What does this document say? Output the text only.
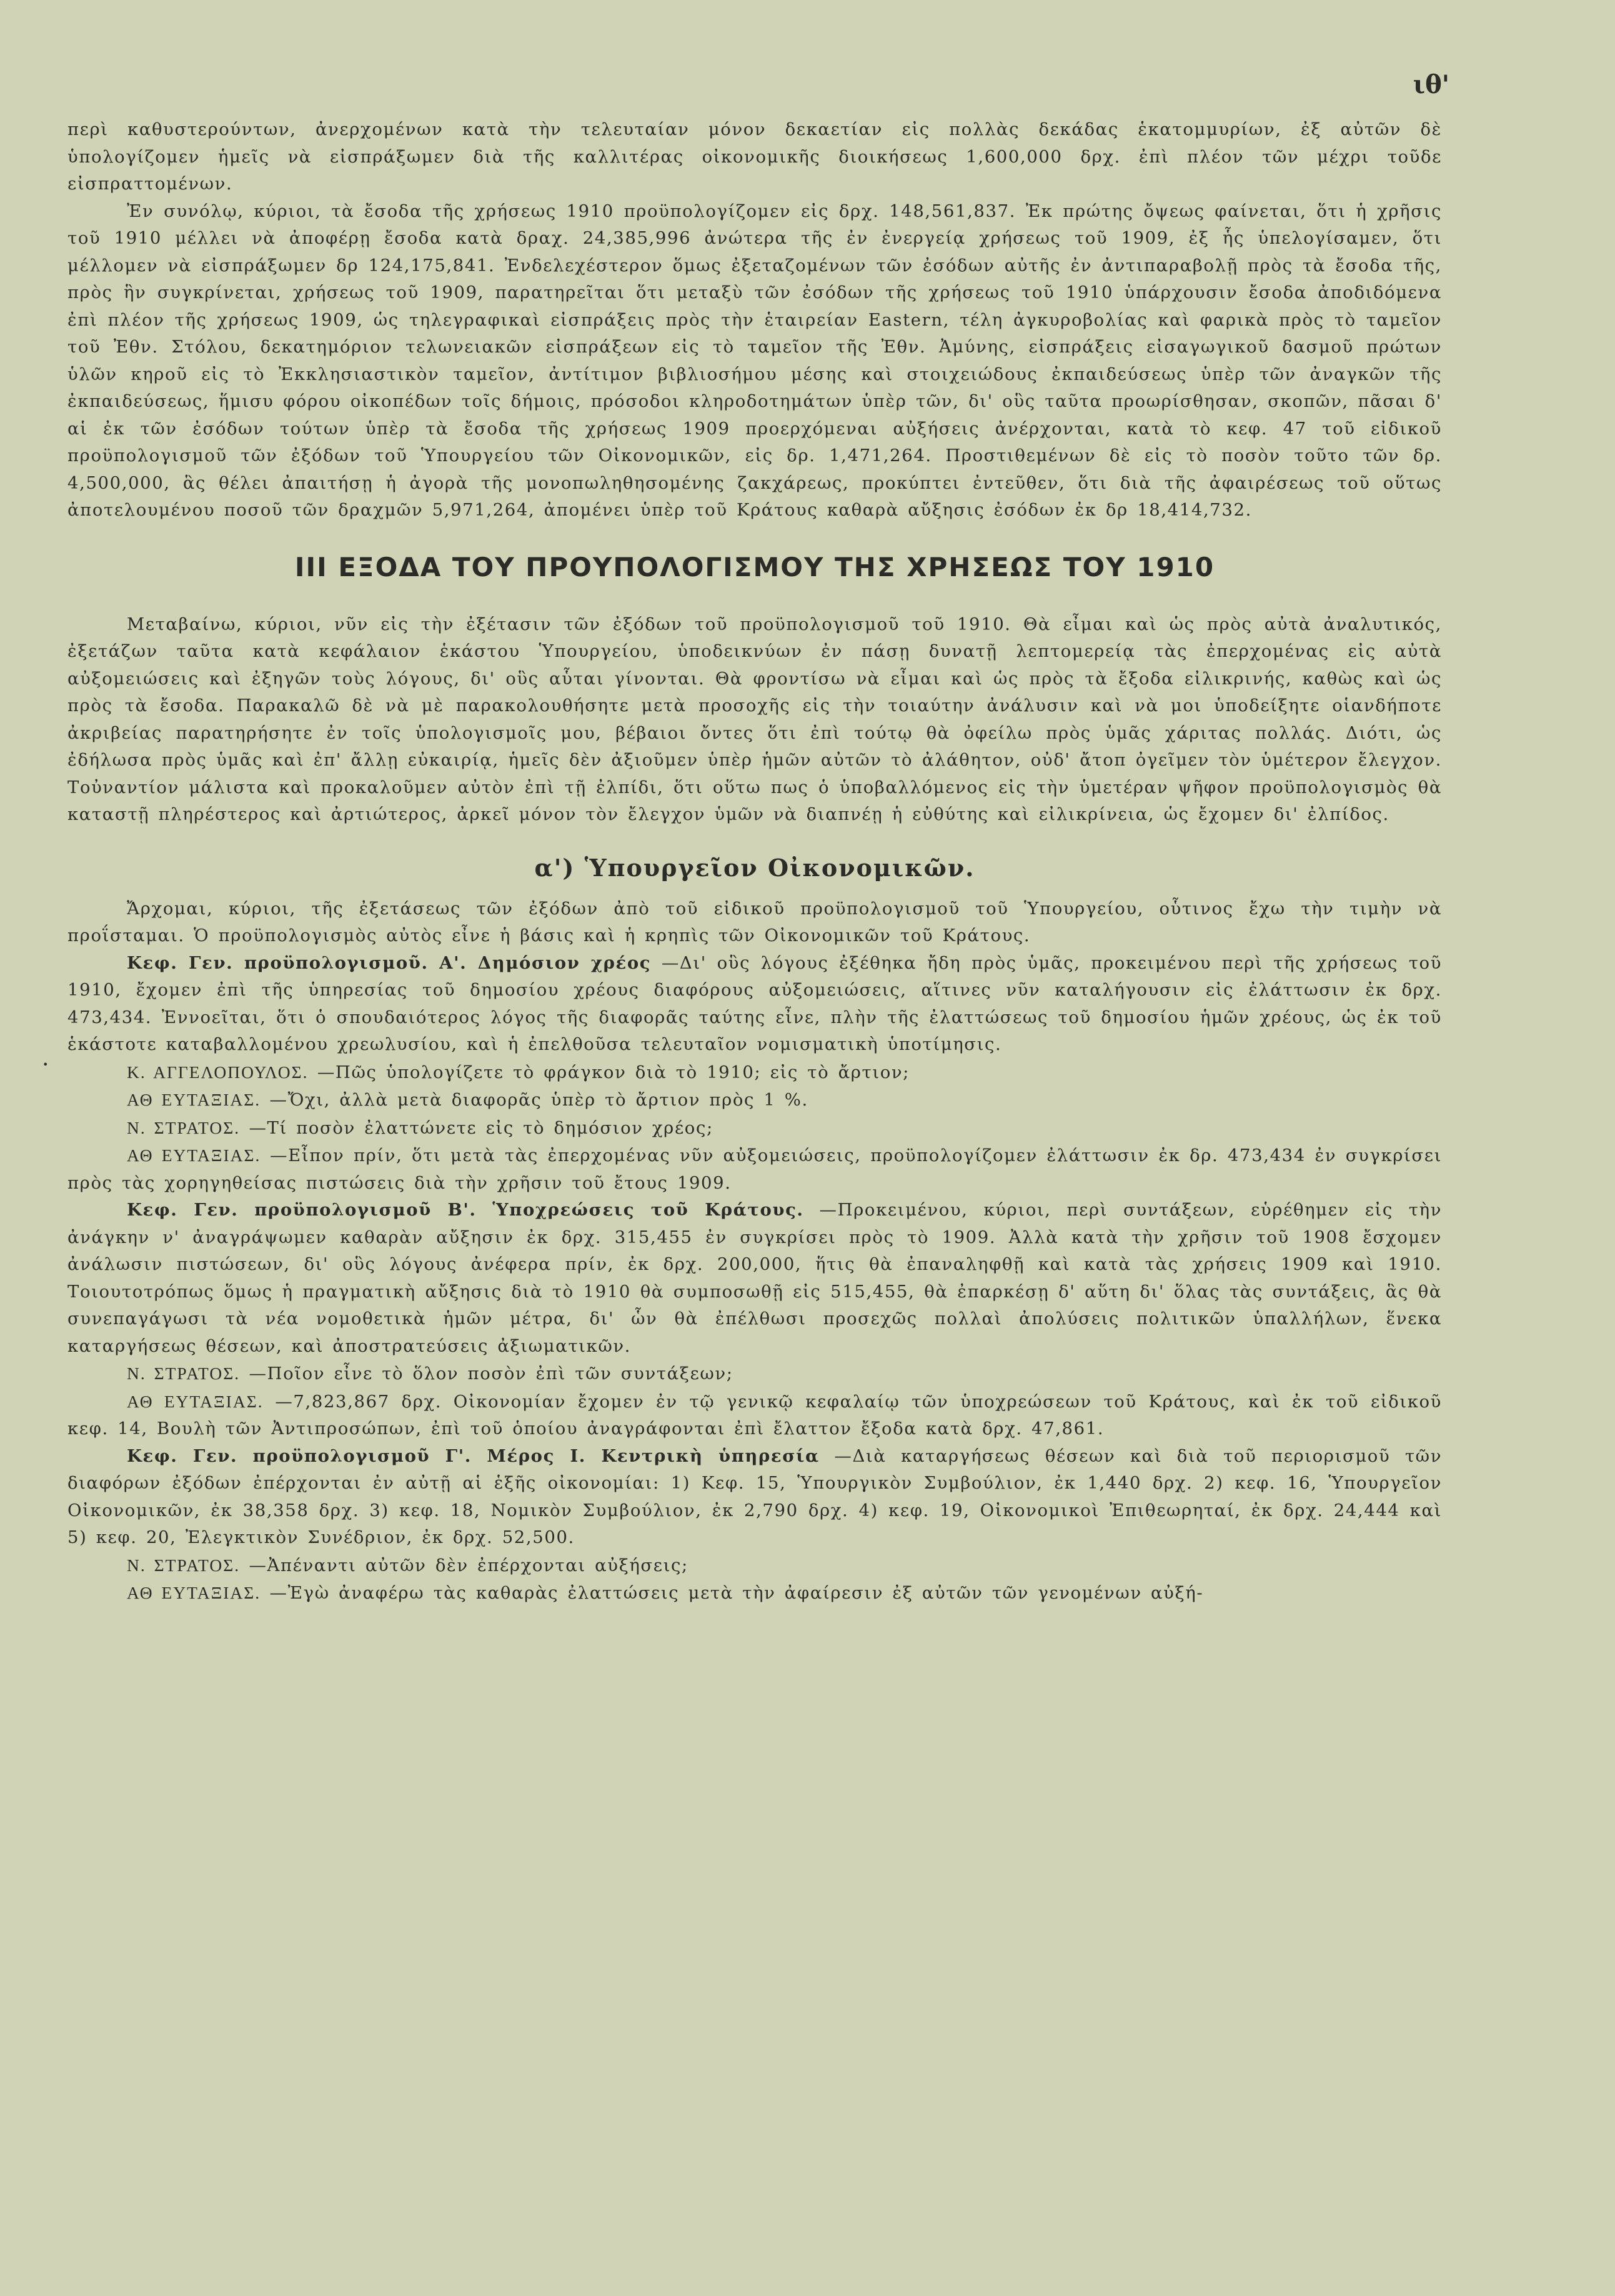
ιθ'

περὶ καθυστερούντων, ἀνερχομένων κατὰ τὴν τελευταίαν μόνον δεκαετίαν εἰς πολλὰς δεκάδας ἑκατομμυρίων, ἐξ αὐτῶν δὲ ὑπολογίζομεν ἡμεῖς νὰ εἰσπράξωμεν διὰ τῆς καλλιτέρας οἰκονομικῆς διοικήσεως 1,600,000 δρχ. ἐπὶ πλέον τῶν μέχρι τοῦδε εἰσπραττομένων.

Ἐν συνόλῳ, κύριοι, τὰ ἔσοδα τῆς χρήσεως 1910 προϋπολογίζομεν εἰς δρχ. 148,561,837. Ἐκ πρώτης ὄψεως φαίνεται, ὅτι ἡ χρῆσις τοῦ 1910 μέλλει νὰ ἀποφέρῃ ἔσοδα κατὰ δραχ. 24,385,996 ἀνώτερα τῆς ἐν ἐνεργείᾳ χρήσεως τοῦ 1909, ἐξ ἧς ὑπελογίσαμεν, ὅτι μέλλομεν νὰ εἰσπράξωμεν δρ 124,175,841. Ἐνδελεχέστερον ὅμως ἐξεταζομένων τῶν ἐσόδων αὐτῆς ἐν ἀντιπαραβολῇ πρὸς τὰ ἔσοδα τῆς, πρὸς ἣν συγκρίνεται, χρήσεως τοῦ 1909, παρατηρεῖται ὅτι μεταξὺ τῶν ἐσόδων τῆς χρήσεως τοῦ 1910 ὑπάρχουσιν ἔσοδα ἀποδιδόμενα ἐπὶ πλέον τῆς χρήσεως 1909, ὡς τηλεγραφικαὶ εἰσπράξεις πρὸς τὴν ἑταιρείαν Eastern, τέλη ἀγκυροβολίας καὶ φαρικὰ πρὸς τὸ ταμεῖον τοῦ Ἐθν. Στόλου, δεκατημόριον τελωνειακῶν εἰσπράξεων εἰς τὸ ταμεῖον τῆς Ἐθν. Ἀμύνης, εἰσπράξεις εἰσαγωγικοῦ δασμοῦ πρώτων ὑλῶν κηροῦ εἰς τὸ Ἐκκλησιαστικὸν ταμεῖον, ἀντίτιμον βιβλιοσήμου μέσης καὶ στοιχειώδους ἐκπαιδεύσεως ὑπὲρ τῶν ἀναγκῶν τῆς ἐκπαιδεύσεως, ἥμισυ φόρου οἰκοπέδων τοῖς δήμοις, πρόσοδοι κληροδοτημάτων ὑπὲρ τῶν, δι' οὓς ταῦτα προωρίσθησαν, σκοπῶν, πᾶσαι δ' αἱ ἐκ τῶν ἐσόδων τούτων ὑπὲρ τὰ ἔσοδα τῆς χρήσεως 1909 προερχόμεναι αὐξήσεις ἀνέρχονται, κατὰ τὸ κεφ. 47 τοῦ εἰδικοῦ προϋπολογισμοῦ τῶν ἐξόδων τοῦ Ὑπουργείου τῶν Οἰκονομικῶν, εἰς δρ. 1,471,264. Προστιθεμένων δὲ εἰς τὸ ποσὸν τοῦτο τῶν δρ. 4,500,000, ἃς θέλει ἀπαιτήσῃ ἡ ἀγορὰ τῆς μονοπωληθησομένης ζακχάρεως, προκύπτει ἐντεῦθεν, ὅτι διὰ τῆς ἀφαιρέσεως τοῦ οὕτως ἀποτελουμένου ποσοῦ τῶν δραχμῶν 5,971,264, ἀπομένει ὑπὲρ τοῦ Κράτους καθαρὰ αὔξησις ἐσόδων ἐκ δρ 18,414,732.

III ΕΞΟΔΑ ΤΟΥ ΠΡΟΥΠΟΛΟΓΙΣΜΟΥ ΤΗΣ ΧΡΗΣΕΩΣ ΤΟΥ 1910

Μεταβαίνω, κύριοι, νῦν εἰς τὴν ἐξέτασιν τῶν ἐξόδων τοῦ προϋπολογισμοῦ τοῦ 1910. Θὰ εἶμαι καὶ ὡς πρὸς αὐτὰ ἀναλυτικός, ἐξετάζων ταῦτα κατὰ κεφάλαιον ἑκάστου Ὑπουργείου, ὑποδεικνύων ἐν πάσῃ δυνατῇ λεπτομερείᾳ τὰς ἐπερχομένας εἰς αὐτὰ αὐξομειώσεις καὶ ἐξηγῶν τοὺς λόγους, δι' οὓς αὗται γίνονται. Θὰ φροντίσω νὰ εἶμαι καὶ ὡς πρὸς τὰ ἔξοδα εἰλικρινής, καθὼς καὶ ὡς πρὸς τὰ ἔσοδα. Παρακαλῶ δὲ νὰ μὲ παρακολουθήσητε μετὰ προσοχῆς εἰς τὴν τοιαύτην ἀνάλυσιν καὶ νὰ μοι ὑποδείξητε οἱανδήποτε ἀκριβείας παρατηρήσητε ἐν τοῖς ὑπολογισμοῖς μου, βέβαιοι ὄντες ὅτι ἐπὶ τούτῳ θὰ ὀφείλω πρὸς ὑμᾶς χάριτας πολλάς. Διότι, ὡς ἐδήλωσα πρὸς ὑμᾶς καὶ ἐπ' ἄλλῃ εὐκαιρίᾳ, ἡμεῖς δὲν ἀξιοῦμεν ὑπὲρ ἡμῶν αὐτῶν τὸ ἀλάθητον, οὐδ' ἄτοπ ὀγεῖμεν τὸν ὑμέτερον ἔλεγχον. Τοὐναντίον μάλιστα καὶ προκαλοῦμεν αὐτὸν ἐπὶ τῇ ἐλπίδι, ὅτι οὕτω πως ὁ ὑποβαλλόμενος εἰς τὴν ὑμετέραν ψῆφον προϋπολογισμὸς θὰ καταστῇ πληρέστερος καὶ ἀρτιώτερος, ἀρκεῖ μόνον τὸν ἔλεγχον ὑμῶν νὰ διαπνέῃ ἡ εὐθύτης καὶ εἰλικρίνεια, ὡς ἔχομεν δι' ἐλπίδος.

α') Ὑπουργεῖον Οἰκονομικῶν.

Ἄρχομαι, κύριοι, τῆς ἐξετάσεως τῶν ἐξόδων ἀπὸ τοῦ εἰδικοῦ προϋπολογισμοῦ τοῦ Ὑπουργείου, οὗτινος ἔχω τὴν τιμὴν νὰ προΐσταμαι. Ὁ προϋπολογισμὸς αὐτὸς εἶνε ἡ βάσις καὶ ἡ κρηπὶς τῶν Οἰκονομικῶν τοῦ Κράτους.

Κεφ. Γεν. προϋπολογισμοῦ. Α'. Δημόσιον χρέος —Δι' οὓς λόγους ἐξέθηκα ἤδη πρὸς ὑμᾶς, προκειμένου περὶ τῆς χρήσεως τοῦ 1910, ἔχομεν ἐπὶ τῆς ὑπηρεσίας τοῦ δημοσίου χρέους διαφόρους αὐξομειώσεις, αἵτινες νῦν καταλήγουσιν εἰς ἐλάττωσιν ἐκ δρχ. 473,434. Ἐννοεῖται, ὅτι ὁ σπουδαιότερος λόγος τῆς διαφορᾶς ταύτης εἶνε, πλὴν τῆς ἐλαττώσεως τοῦ δημοσίου ἡμῶν χρέους, ὡς ἐκ τοῦ ἑκάστοτε καταβαλλομένου χρεωλυσίου, καὶ ἡ ἐπελθοῦσα τελευταῖον νομισματικὴ ὑποτίμησις.

•	Κ. ΑΓΓΕΛΟΠΟΥΛΟΣ. —Πῶς ὑπολογίζετε τὸ φράγκον διὰ τὸ 1910; εἰς τὸ ἄρτιον;

ΑΘ ΕΥΤΑΞΙΑΣ. —Ὄχι, ἀλλὰ μετὰ διαφορᾶς ὑπὲρ τὸ ἄρτιον πρὸς 1 %.

Ν. ΣΤΡΑΤΟΣ. —Τί ποσὸν ἐλαττώνετε εἰς τὸ δημόσιον χρέος;

ΑΘ ΕΥΤΑΞΙΑΣ. —Εἶπον πρίν, ὅτι μετὰ τὰς ἐπερχομένας νῦν αὐξομειώσεις, προϋπολογίζομεν ἐλάττωσιν ἐκ δρ. 473,434 ἐν συγκρίσει πρὸς τὰς χορηγηθείσας πιστώσεις διὰ τὴν χρῆσιν τοῦ ἔτους 1909.

Κεφ. Γεν. προϋπολογισμοῦ Β'. Ὑποχρεώσεις τοῦ Κράτους. —Προκειμένου, κύριοι, περὶ συντάξεων, εὑρέθημεν εἰς τὴν ἀνάγκην ν' ἀναγράψωμεν καθαρὰν αὔξησιν ἐκ δρχ. 315,455 ἐν συγκρίσει πρὸς τὸ 1909. Ἀλλὰ κατὰ τὴν χρῆσιν τοῦ 1908 ἔσχομεν ἀνάλωσιν πιστώσεων, δι' οὓς λόγους ἀνέφερα πρίν, ἐκ δρχ. 200,000, ἥτις θὰ ἐπαναληφθῇ καὶ κατὰ τὰς χρήσεις 1909 καὶ 1910. Τοιουτοτρόπως ὅμως ἡ πραγματικὴ αὔξησις διὰ τὸ 1910 θὰ συμποσωθῇ εἰς 515,455, θὰ ἐπαρκέσῃ δ' αὕτη δι' ὅλας τὰς συντάξεις, ἃς θὰ συνεπαγάγωσι τὰ νέα νομοθετικὰ ἡμῶν μέτρα, δι' ὧν θὰ ἐπέλθωσι προσεχῶς πολλαὶ ἀπολύσεις πολιτικῶν ὑπαλλήλων, ἕνεκα καταργήσεως θέσεων, καὶ ἀποστρατεύσεις ἀξιωματικῶν.

Ν. ΣΤΡΑΤΟΣ. —Ποῖον εἶνε τὸ ὅλον ποσὸν ἐπὶ τῶν συντάξεων;

ΑΘ ΕΥΤΑΞΙΑΣ. —7,823,867 δρχ. Οἰκονομίαν ἔχομεν ἐν τῷ γενικῷ κεφαλαίῳ τῶν ὑποχρεώσεων τοῦ Κράτους, καὶ ἐκ τοῦ εἰδικοῦ κεφ. 14, Βουλὴ τῶν Ἀντιπροσώπων, ἐπὶ τοῦ ὁποίου ἀναγράφονται ἐπὶ ἔλαττον ἔξοδα κατὰ δρχ. 47,861.

Κεφ. Γεν. προϋπολογισμοῦ Γ'. Μέρος Ι. Κεντρικὴ ὑπηρεσία —Διὰ καταργήσεως θέσεων καὶ διὰ τοῦ περιορισμοῦ τῶν διαφόρων ἐξόδων ἐπέρχονται ἐν αὐτῇ αἱ ἑξῆς οἰκονομίαι: 1) Κεφ. 15, Ὑπουργικὸν Συμβούλιον, ἐκ 1,440 δρχ. 2) κεφ. 16, Ὑπουργεῖον Οἰκονομικῶν, ἐκ 38,358 δρχ. 3) κεφ. 18, Νομικὸν Συμβούλιον, ἐκ 2,790 δρχ. 4) κεφ. 19, Οἰκονομικοὶ Ἐπιθεωρηταί, ἐκ δρχ. 24,444 καὶ 5) κεφ. 20, Ἐλεγκτικὸν Συνέδριον, ἐκ δρχ. 52,500.

Ν. ΣΤΡΑΤΟΣ. —Ἀπέναντι αὐτῶν δὲν ἐπέρχονται αὐξήσεις;

ΑΘ ΕΥΤΑΞΙΑΣ. —Ἐγὼ ἀναφέρω τὰς καθαρὰς ἐλαττώσεις μετὰ τὴν ἀφαίρεσιν ἐξ αὐτῶν τῶν γενομένων αὐξή-
